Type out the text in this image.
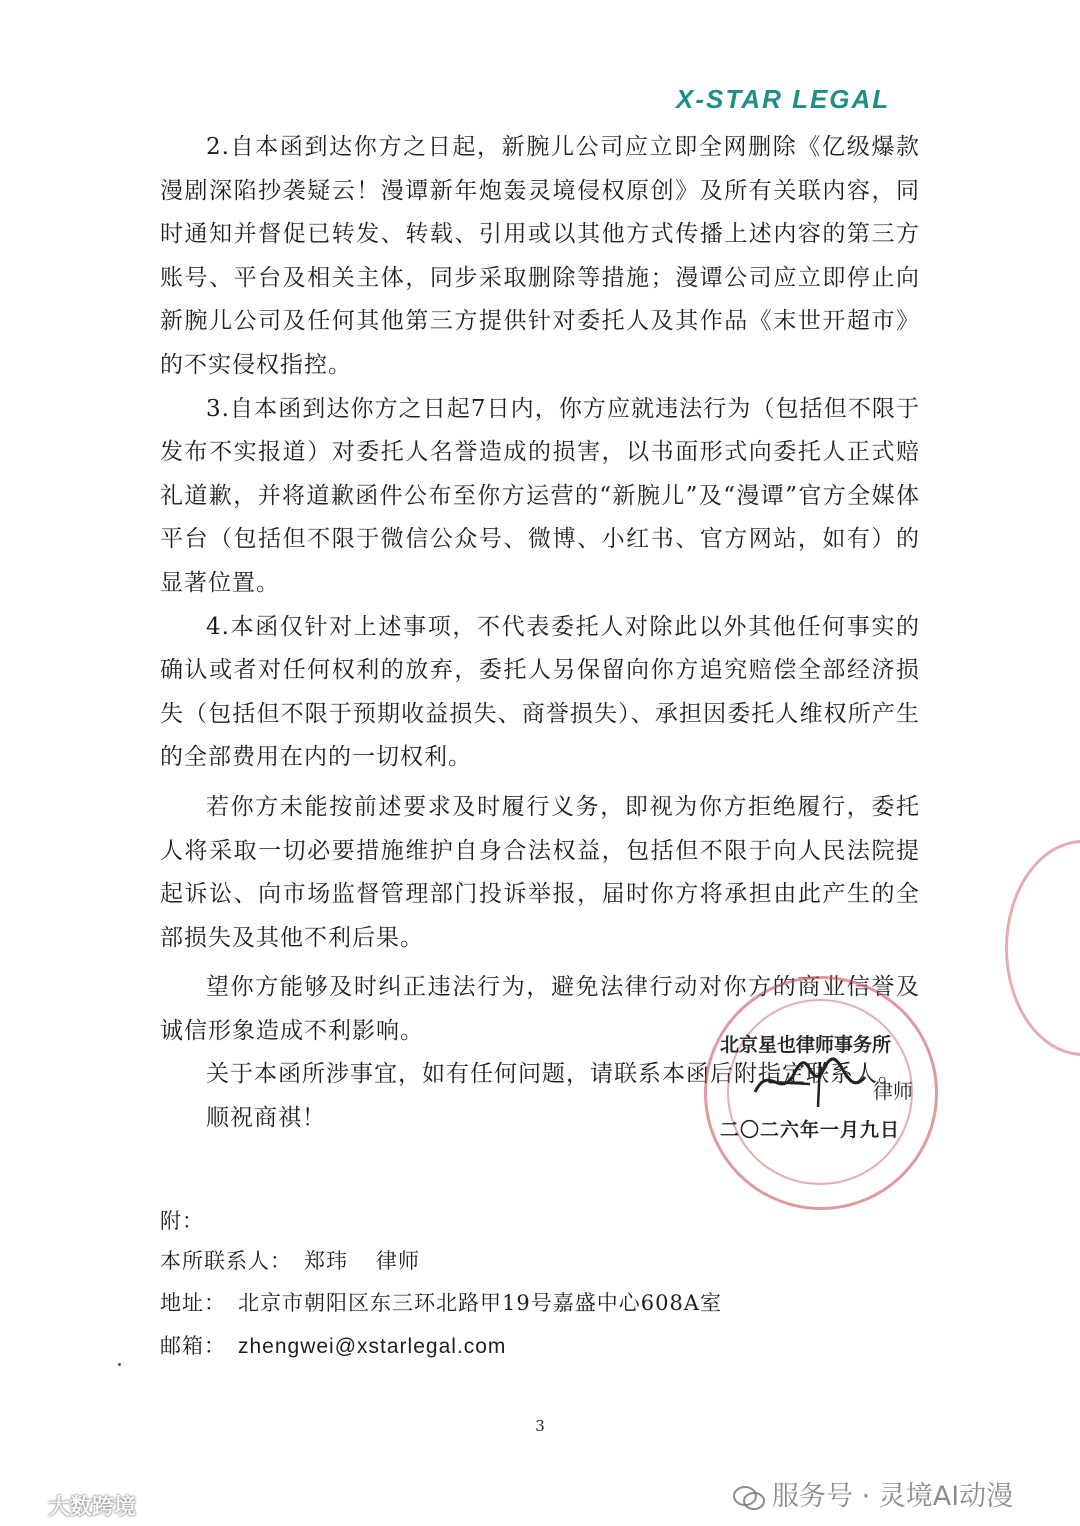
X-STAR LEGAL

2.自本函到达你方之日起，新腕儿公司应立即全网删除《亿级爆款漫剧深陷抄袭疑云！漫谭新年炮轰灵境侵权原创》及所有关联内容，同时通知并督促已转发、转载、引用或以其他方式传播上述内容的第三方账号、平台及相关主体，同步采取删除等措施；漫谭公司应立即停止向新腕儿公司及任何其他第三方提供针对委托人及其作品《末世开超市》的不实侵权指控。

3.自本函到达你方之日起7日内，你方应就违法行为（包括但不限于发布不实报道）对委托人名誉造成的损害，以书面形式向委托人正式赔礼道歉，并将道歉函件公布至你方运营的“新腕儿”及“漫谭”官方全媒体平台（包括但不限于微信公众号、微博、小红书、官方网站，如有）的显著位置。

4.本函仅针对上述事项，不代表委托人对除此以外其他任何事实的确认或者对任何权利的放弃，委托人另保留向你方追究赔偿全部经济损失（包括但不限于预期收益损失、商誉损失）、承担因委托人维权所产生的全部费用在内的一切权利。

若你方未能按前述要求及时履行义务，即视为你方拒绝履行，委托人将采取一切必要措施维护自身合法权益，包括但不限于向人民法院提起诉讼、向市场监督管理部门投诉举报，届时你方将承担由此产生的全部损失及其他不利后果。

望你方能够及时纠正违法行为，避免法律行动对你方的商业信誉及诚信形象造成不利影响。

关于本函所涉事宜，如有任何问题，请联系本函后附指定联系人。

顺祝商祺！

北京星也律师事务所
律师
二〇二六年一月九日
附：
本所联系人： 郑玮 律师
地址： 北京市朝阳区东三环北路甲19号嘉盛中心608A室
邮箱： zhengwei@xstarlegal.com
3
服务号 · 灵境AI动漫
大数跨境
